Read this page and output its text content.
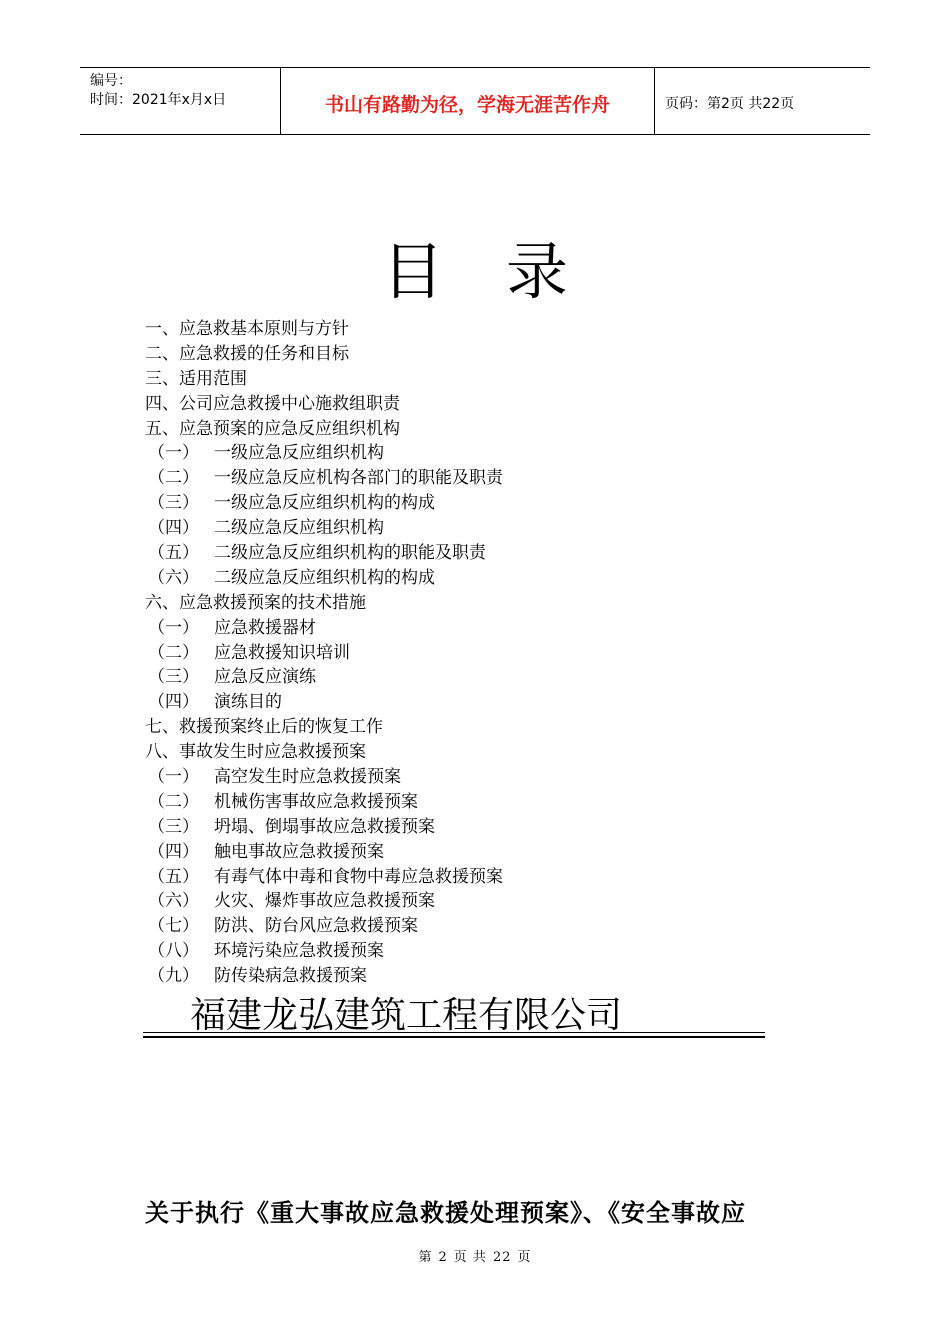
编号：
时间：2021年x月x日	书山有路勤为径，学海无涯苦作舟	页码：第2页 共22页
目录
一、应急救基本原则与方针
二、应急救援的任务和目标
三、适用范围
四、公司应急救援中心施救组职责
五、应急预案的应急反应组织机构
（一） 一级应急反应组织机构
（二） 一级应急反应机构各部门的职能及职责
（三） 一级应急反应组织机构的构成
（四） 二级应急反应组织机构
（五） 二级应急反应组织机构的职能及职责
（六） 二级应急反应组织机构的构成
六、应急救援预案的技术措施
（一） 应急救援器材
（二） 应急救援知识培训
（三） 应急反应演练
（四） 演练目的
七、救援预案终止后的恢复工作
八、事故发生时应急救援预案
（一） 高空发生时应急救援预案
（二） 机械伤害事故应急救援预案
（三） 坍塌、倒塌事故应急救援预案
（四） 触电事故应急救援预案
（五） 有毒气体中毒和食物中毒应急救援预案
（六） 火灾、爆炸事故应急救援预案
（七） 防洪、防台风应急救援预案
（八） 环境污染应急救援预案
（九） 防传染病急救援预案
福建龙弘建筑工程有限公司
关于执行《重大事故应急救援处理预案》、《安全事故应
第 2 页 共 22 页
